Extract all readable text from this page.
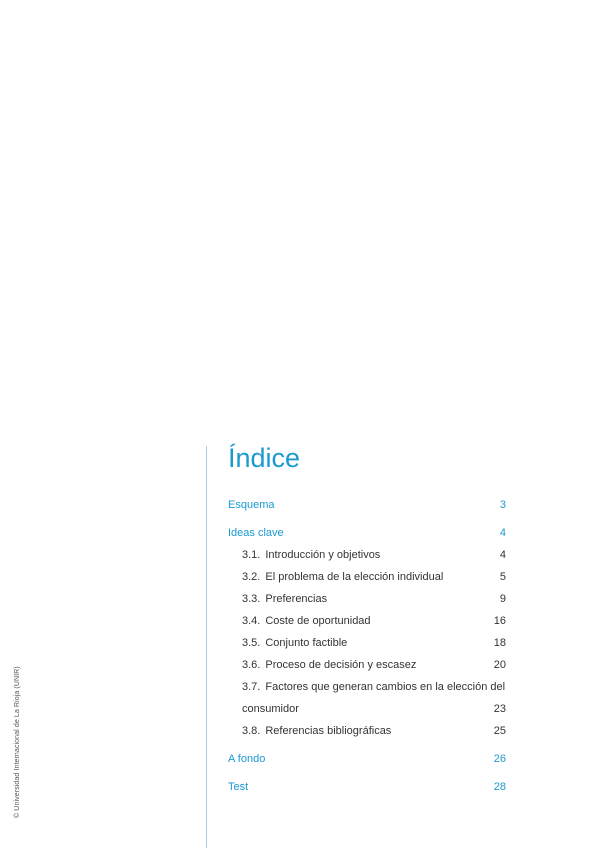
© Universidad Internacional de La Rioja (UNIR)
Índice
Esquema	3
Ideas clave	4
3.1. Introducción y objetivos	4
3.2. El problema de la elección individual	5
3.3. Preferencias	9
3.4. Coste de oportunidad	16
3.5. Conjunto factible	18
3.6. Proceso de decisión y escasez	20
3.7. Factores que generan cambios en la elección del
consumidor	23
3.8. Referencias bibliográficas	25
A fondo	26
Test	28
